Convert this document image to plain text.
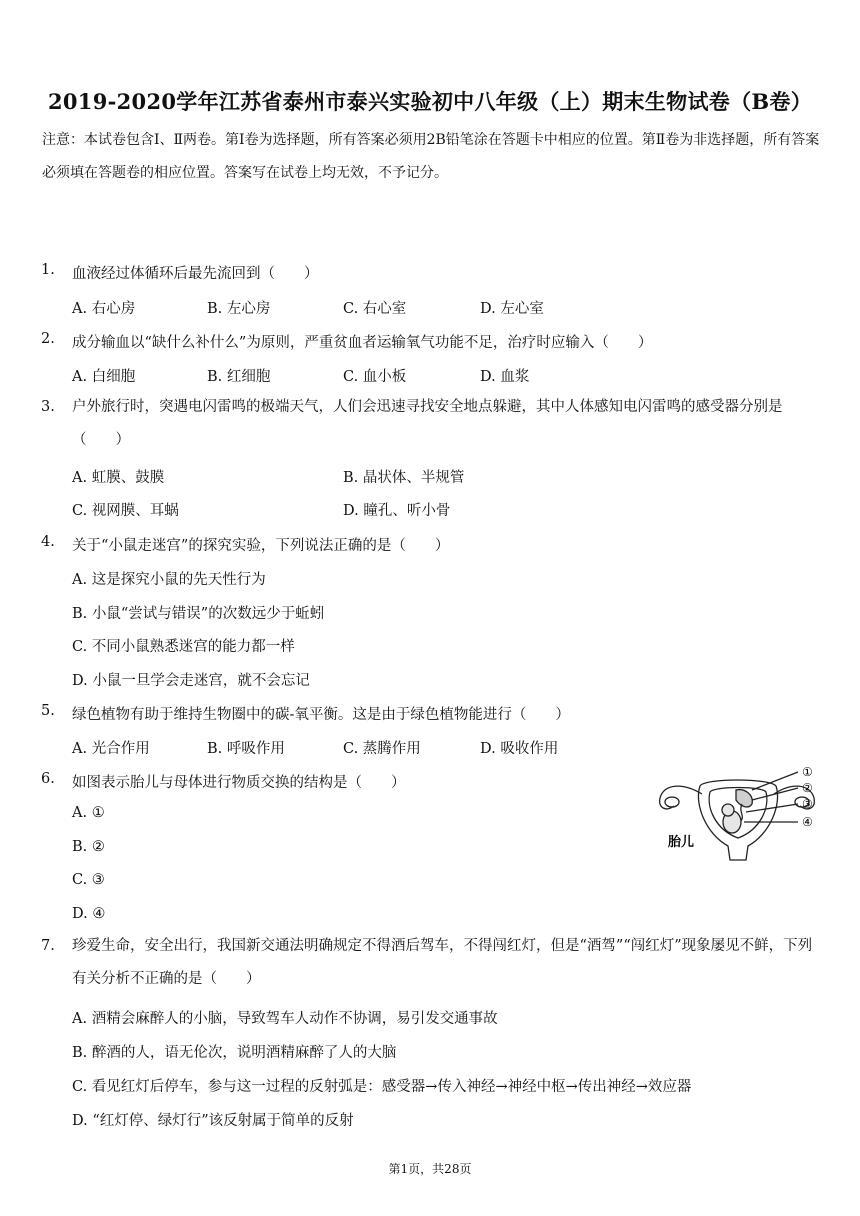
2019-2020学年江苏省泰州市泰兴实验初中八年级（上）期末生物试卷（B卷）
注意：本试卷包含Ⅰ、Ⅱ两卷。第Ⅰ卷为选择题，所有答案必须用2B铅笔涂在答题卡中相应的位置。第Ⅱ卷为非选择题，所有答案必须填在答题卷的相应位置。答案写在试卷上均无效，不予记分。
1. 血液经过体循环后最先流回到（　　）
A. 右心房	B. 左心房	C. 右心室	D. 左心室
2. 成分输血以“缺什么补什么”为原则，严重贫血者运输氧气功能不足，治疗时应输入（　　）
A. 白细胞	B. 红细胞	C. 血小板	D. 血浆
3. 户外旅行时，突遇电闪雷鸣的极端天气，人们会迅速寻找安全地点躲避，其中人体感知电闪雷鸣的感受器分别是（　　）
A. 虹膜、鼓膜	B. 晶状体、半规管
C. 视网膜、耳蜗	D. 瞳孔、听小骨
4. 关于“小鼠走迷宫”的探究实验，下列说法正确的是（　　）
A. 这是探究小鼠的先天性行为
B. 小鼠“尝试与错误”的次数远少于蚯蚓
C. 不同小鼠熟悉迷宫的能力都一样
D. 小鼠一旦学会走迷宫，就不会忘记
5. 绿色植物有助于维持生物圈中的碳-氧平衡。这是由于绿色植物能进行（　　）
A. 光合作用	B. 呼吸作用	C. 蒸腾作用	D. 吸收作用
6. 如图表示胎儿与母体进行物质交换的结构是（　　）
A. ①
B. ②
C. ③
D. ④
①
②
③
④
胎儿
7. 珍爱生命，安全出行，我国新交通法明确规定不得酒后驾车，不得闯红灯，但是“酒驾”“闯红灯”现象屡见不鲜，下列有关分析不正确的是（　　）
A. 酒精会麻醉人的小脑，导致驾车人动作不协调，易引发交通事故
B. 醉酒的人，语无伦次，说明酒精麻醉了人的大脑
C. 看见红灯后停车，参与这一过程的反射弧是：感受器→传入神经→神经中枢→传出神经→效应器
D. “红灯停、绿灯行”该反射属于简单的反射
第1页，共28页
